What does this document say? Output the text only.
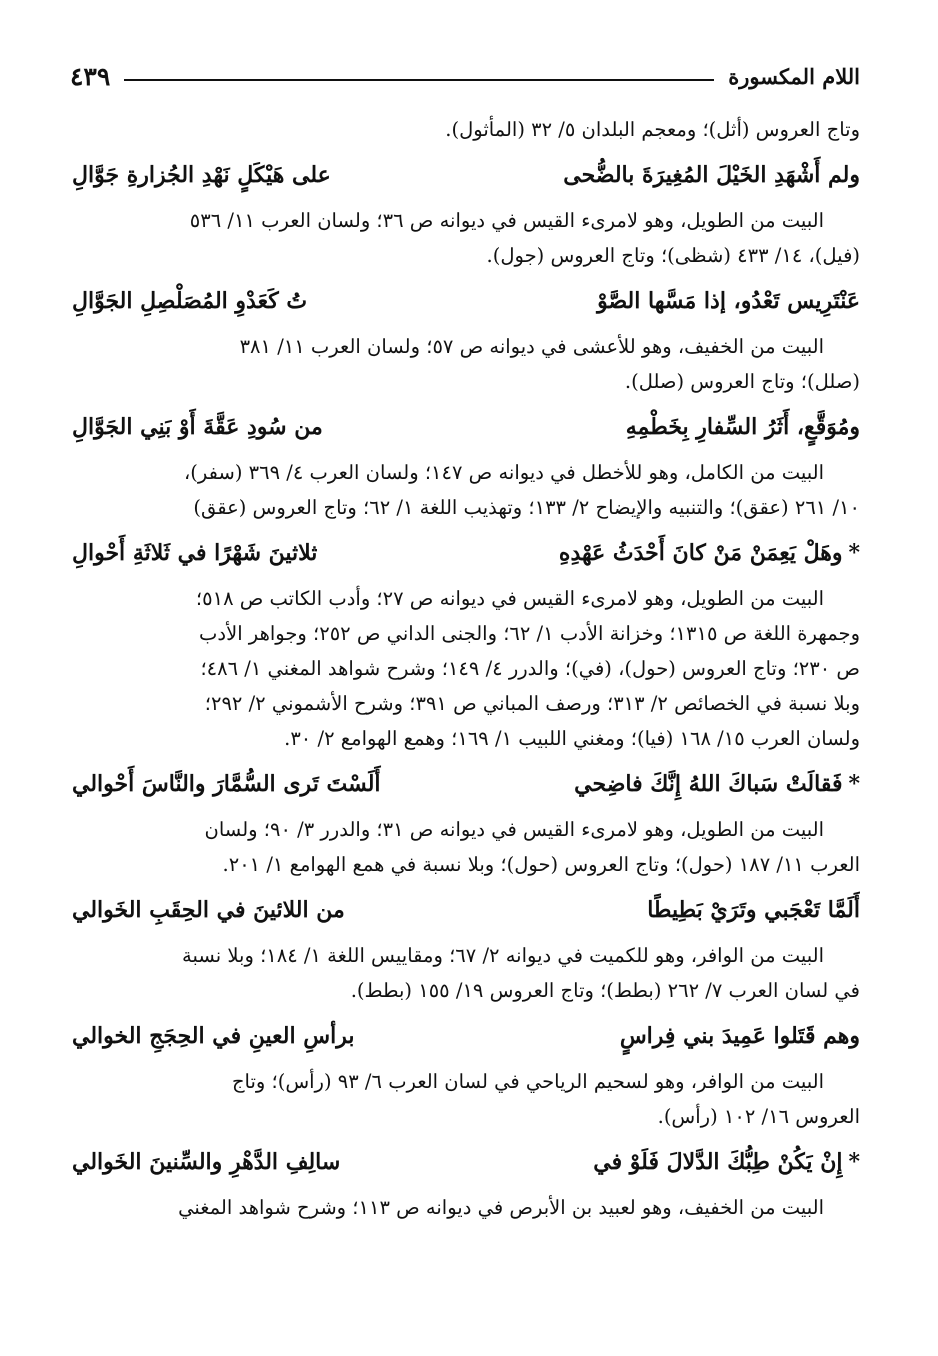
اللام المكسورة
٤٣٩
وتاج العروس (أثل)؛ ومعجم البلدان ٥/ ٣٢ (المأثول).
ولم أَشْهَدِ الخَيْلَ المُغِيرَةَ بالضُّحى
على هَيْكَلٍ نَهْدِ الجُزارةِ جَوَّالِ
البيت من الطويل، وهو لامرىء القيس في ديوانه ص ٣٦؛ ولسان العرب ١١/ ٥٣٦
(فيل)، ١٤/ ٤٣٣ (شظى)؛ وتاج العروس (جول).
عَنْتَرِيس تَعْدُو، إذا مَسَّها الصَّوْ
تُ كَعَدْوِ المُصَلْصِلِ الجَوَّالِ
البيت من الخفيف، وهو للأعشى في ديوانه ص ٥٧؛ ولسان العرب ١١/ ٣٨١
(صلل)؛ وتاج العروس (صلل).
ومُوَقَّعٍ، أَثَرُ السِّفارِ بِخَطْمِهِ
من سُودِ عَقَّةَ أَوْ بَنِي الجَوَّالِ
البيت من الكامل، وهو للأخطل في ديوانه ص ١٤٧؛ ولسان العرب ٤/ ٣٦٩ (سفر)،
١٠/ ٢٦١ (عقق)؛ والتنبيه والإيضاح ٢/ ١٣٣؛ وتهذيب اللغة ١/ ٦٢؛ وتاج العروس (عقق)
*وهَلْ يَعِمَنْ مَنْ كانَ أَحْدَثُ عَهْدِهِ
ثلاثينَ شَهْرًا في ثَلاثَةِ أَحْوالِ
البيت من الطويل، وهو لامرىء القيس في ديوانه ص ٢٧؛ وأدب الكاتب ص ٥١٨؛
وجمهرة اللغة ص ١٣١٥؛ وخزانة الأدب ١/ ٦٢؛ والجنى الداني ص ٢٥٢؛ وجواهر الأدب
ص ٢٣٠؛ وتاج العروس (حول)، (في)؛ والدرر ٤/ ١٤٩؛ وشرح شواهد المغني ١/ ٤٨٦؛
وبلا نسبة في الخصائص ٢/ ٣١٣؛ ورصف المباني ص ٣٩١؛ وشرح الأشموني ٢/ ٢٩٢؛
ولسان العرب ١٥/ ١٦٨ (فيا)؛ ومغني اللبيب ١/ ١٦٩؛ وهمع الهوامع ٢/ ٣٠.
*فَقالَتْ سَباكَ اللهُ إِنَّكَ فاضِحي
أَلَسْتَ تَرى السُّمَّارَ والنَّاسَ أَحْوالي
البيت من الطويل، وهو لامرىء القيس في ديوانه ص ٣١؛ والدرر ٣/ ٩٠؛ ولسان
العرب ١١/ ١٨٧ (حول)؛ وتاج العروس (حول)؛ وبلا نسبة في همع الهوامع ١/ ٢٠١.
أَلَمَّا تَعْجَبي وتَرَيْ بَطِيطًا
من اللائينَ في الحِقَبِ الخَوالي
البيت من الوافر، وهو للكميت في ديوانه ٢/ ٦٧؛ ومقاييس اللغة ١/ ١٨٤؛ وبلا نسبة
في لسان العرب ٧/ ٢٦٢ (بطط)؛ وتاج العروس ١٩/ ١٥٥ (بطط).
وهم قَتَلوا عَمِيدَ بني فِراسٍ
برأسِ العينِ في الحِجَجِ الخوالي
البيت من الوافر، وهو لسحيم الرياحي في لسان العرب ٦/ ٩٣ (رأس)؛ وتاج
العروس ١٦/ ١٠٢ (رأس).
*إِنْ يَكُنْ طِبُّكَ الدَّلالَ فَلَوْ في
سالِفِ الدَّهْرِ والسِّنينَ الخَوالي
البيت من الخفيف، وهو لعبيد بن الأبرص في ديوانه ص ١١٣؛ وشرح شواهد المغني
